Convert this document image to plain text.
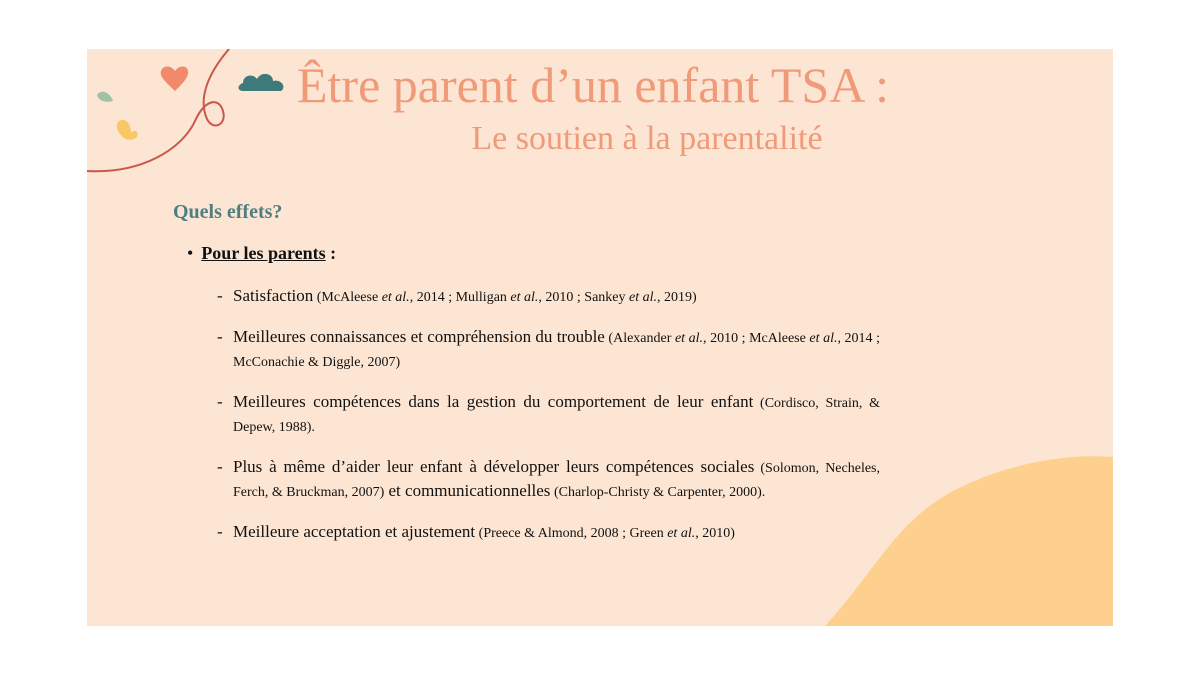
Être parent d’un enfant TSA :
Le soutien à la parentalité
Quels effets?
• Pour les parents :
- Satisfaction (McAleese et al., 2014 ; Mulligan et al., 2010 ; Sankey et al., 2019)
- Meilleures connaissances et compréhension du trouble (Alexander et al., 2010 ; McAleese et al., 2014 ; McConachie & Diggle, 2007)
- Meilleures compétences dans la gestion du comportement de leur enfant (Cordisco, Strain, & Depew, 1988).
- Plus à même d’aider leur enfant à développer leurs compétences sociales (Solomon, Necheles, Ferch, & Bruckman, 2007) et communicationnelles (Charlop-Christy & Carpenter, 2000).
- Meilleure acceptation et ajustement (Preece & Almond, 2008 ; Green et al., 2010)
